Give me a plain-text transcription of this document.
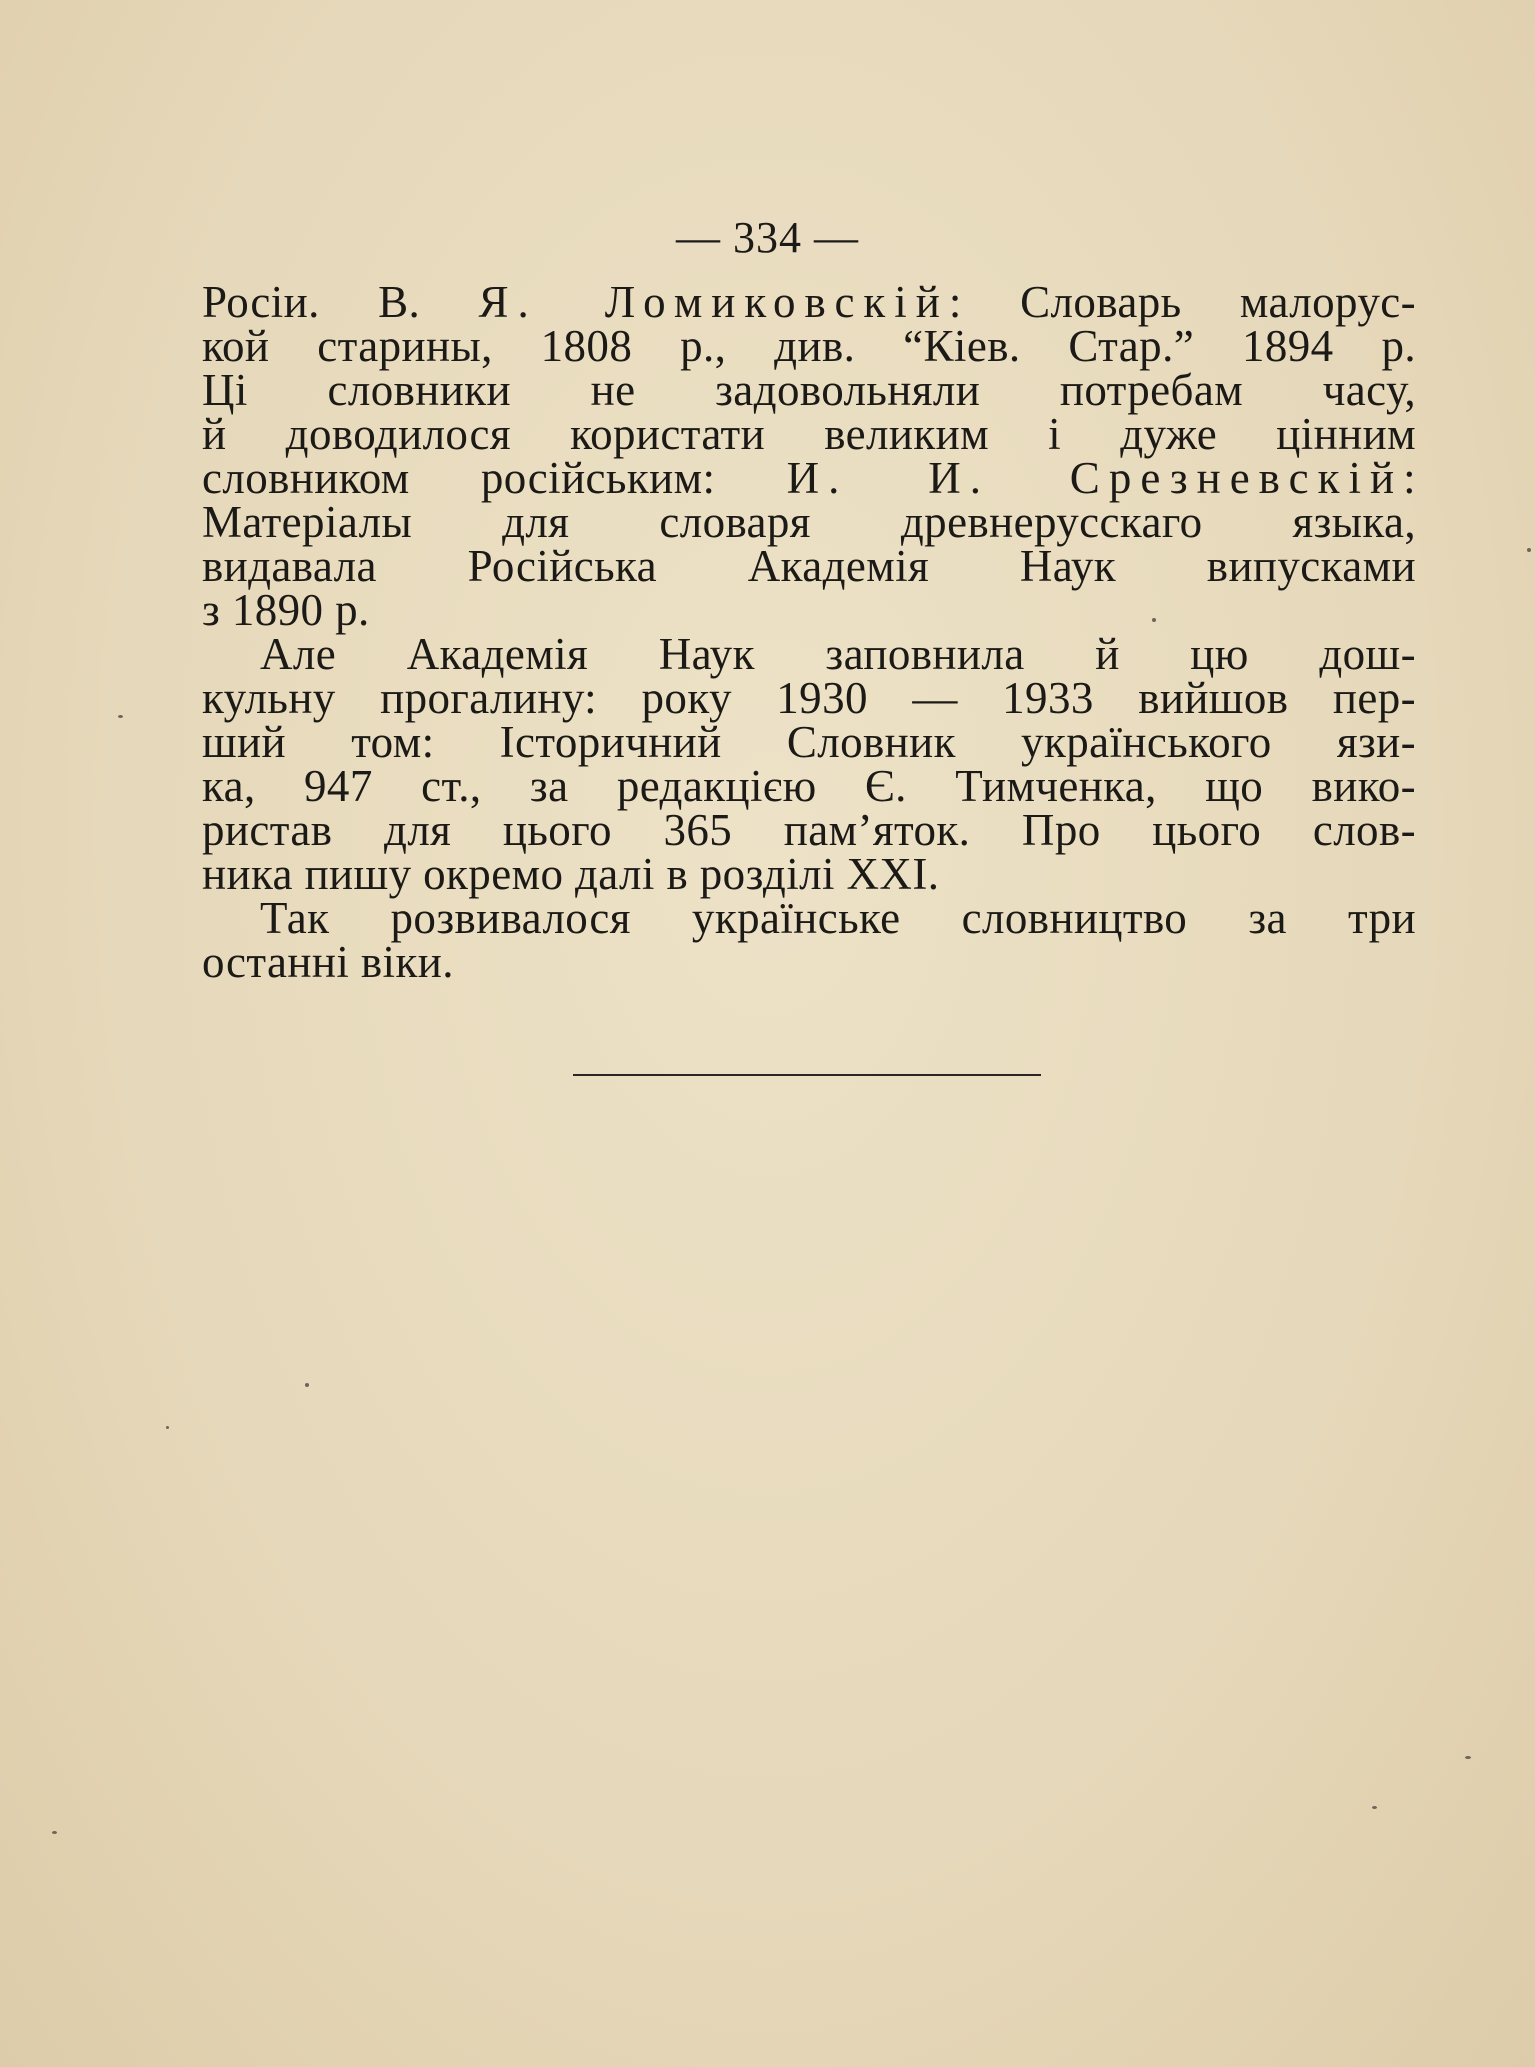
— 334 —
Росіи. В. Я. Ломиковскій: Словарь малорус-
кой старины, 1808 р., див. “Кіев. Стар.” 1894 р.
Ці словники не задовольняли потребам часу,
й доводилося користати великим і дуже цінним
словником російським: И. И. Срезневскій:
Матеріалы для словаря древнерусскаго языка,
видавала Російська Академія Наук випусками
з 1890 р.
Але Академія Наук заповнила й цю дош-
кульну прогалину: року 1930 — 1933 вийшов пер-
ший том: Історичний Словник українського язи-
ка, 947 ст., за редакцією Є. Тимченка, що вико-
ристав для цього 365 пам’яток. Про цього слов-
ника пишу окремо далі в розділі XXI.
Так розвивалося українське словництво за три
останні віки.
